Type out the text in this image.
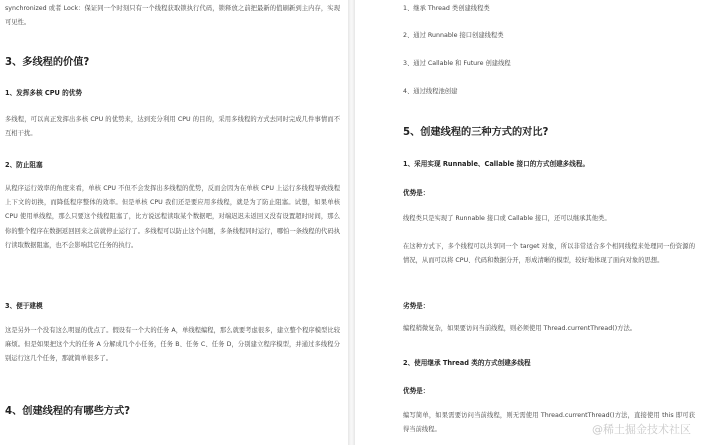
synchronized 或者 Lock：保证同一个时刻只有一个线程获取锁执行代码，锁释放之前把最新的值刷新到主内存，实现可见性。

3、多线程的价值?

1、发挥多核 CPU 的优势

多线程，可以真正发挥出多核 CPU 的优势来，达到充分利用 CPU 的目的，采用多线程的方式去同时完成几件事情而不互相干扰。

2、防止阻塞

从程序运行效率的角度来看，单核 CPU 不但不会发挥出多线程的优势，反而会因为在单核 CPU 上运行多线程导致线程上下文的切换，而降低程序整体的效率。但是单核 CPU 我们还是要应用多线程，就是为了防止阻塞。试想，如果单核 CPU 使用单线程，那么只要这个线程阻塞了，比方说远程读取某个数据吧，对端迟迟未返回又没有设置超时时间，那么你的整个程序在数据返回回来之前就停止运行了。多线程可以防止这个问题，多条线程同时运行，哪怕一条线程的代码执行读取数据阻塞，也不会影响其它任务的执行。

3、便于建模

这是另外一个没有这么明显的优点了。假设有一个大的任务 A，单线程编程，那么就要考虑很多，建立整个程序模型比较麻烦。但是如果把这个大的任务 A 分解成几个小任务，任务 B、任务 C、任务 D，分别建立程序模型，并通过多线程分别运行这几个任务，那就简单很多了。

4、创建线程的有哪些方式?

1、继承 Thread 类创建线程类

2、通过 Runnable 接口创建线程类

3、通过 Callable 和 Future 创建线程

4、通过线程池创建

5、创建线程的三种方式的对比?

1、采用实现 Runnable、Callable 接口的方式创建多线程。

优势是：

线程类只是实现了 Runnable 接口或 Callable 接口，还可以继承其他类。

在这种方式下，多个线程可以共享同一个 target 对象，所以非常适合多个相同线程来处理同一份资源的情况，从而可以将 CPU、代码和数据分开，形成清晰的模型，较好地体现了面向对象的思想。

劣势是：

编程稍微复杂，如果要访问当前线程，则必须使用 Thread.currentThread()方法。

2、使用继承 Thread 类的方式创建多线程

优势是：

编写简单，如果需要访问当前线程，则无需使用 Thread.currentThread()方法，直接使用 this 即可获得当前线程。	@稀土掘金技术社区
